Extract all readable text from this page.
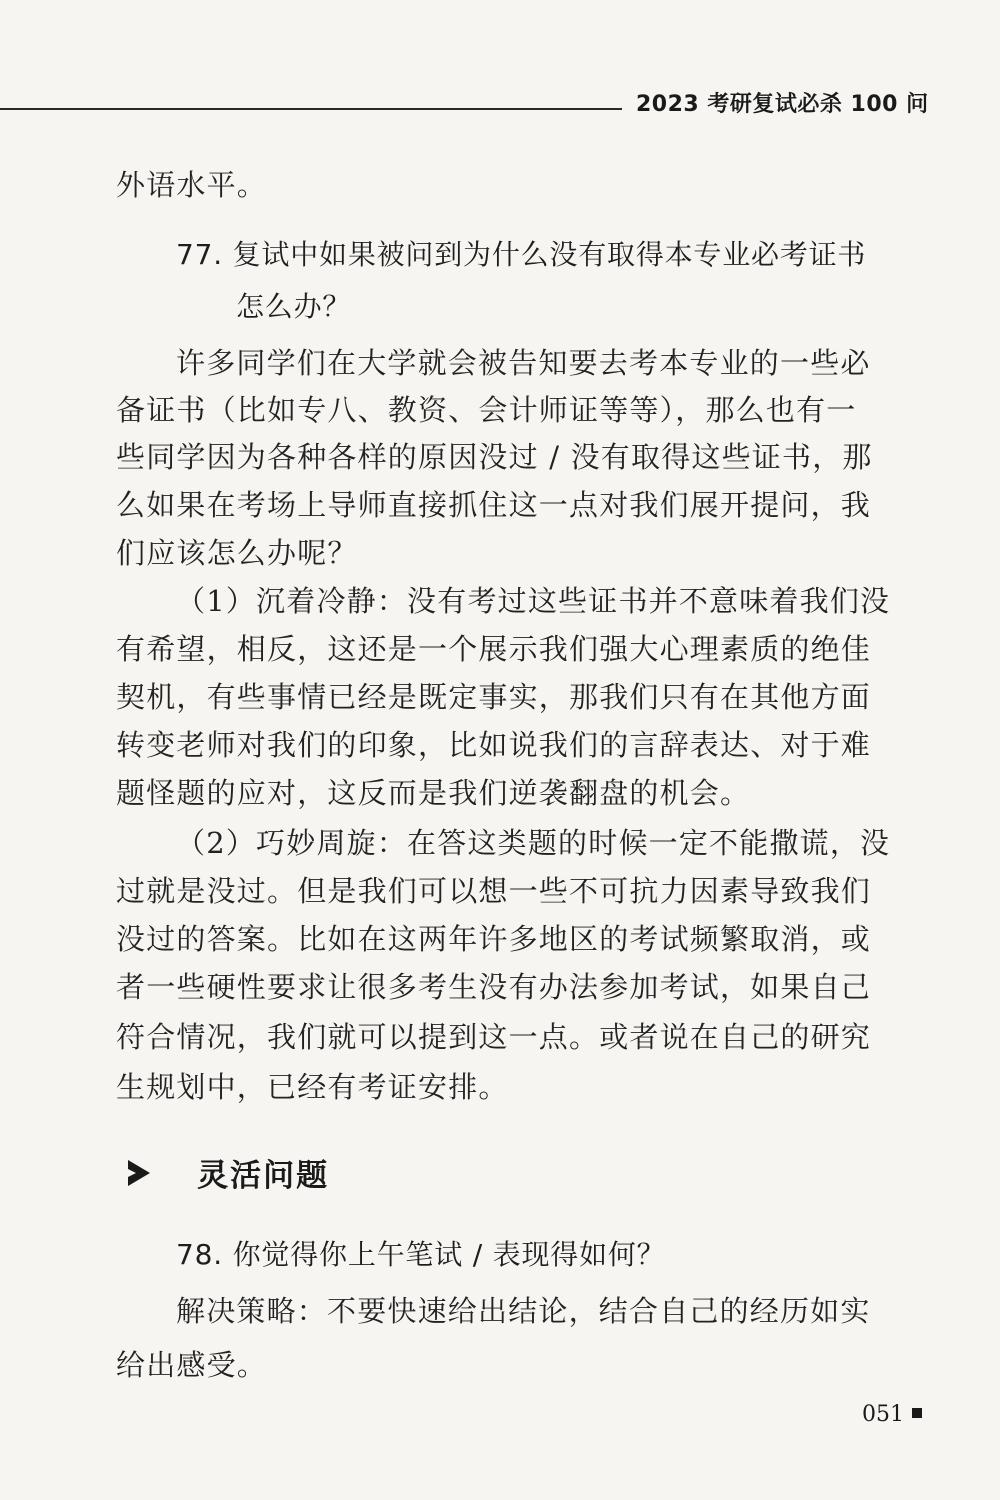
2023 考研复试必杀 100 问
外语水平。
77. 复试中如果被问到为什么没有取得本专业必考证书
怎么办？
许多同学们在大学就会被告知要去考本专业的一些必
备证书（比如专八、教资、会计师证等等），那么也有一
些同学因为各种各样的原因没过 / 没有取得这些证书，那
么如果在考场上导师直接抓住这一点对我们展开提问，我
们应该怎么办呢？
（1）沉着冷静：没有考过这些证书并不意味着我们没
有希望，相反，这还是一个展示我们强大心理素质的绝佳
契机，有些事情已经是既定事实，那我们只有在其他方面
转变老师对我们的印象，比如说我们的言辞表达、对于难
题怪题的应对，这反而是我们逆袭翻盘的机会。
（2）巧妙周旋：在答这类题的时候一定不能撒谎，没
过就是没过。但是我们可以想一些不可抗力因素导致我们
没过的答案。比如在这两年许多地区的考试频繁取消，或
者一些硬性要求让很多考生没有办法参加考试，如果自己
符合情况，我们就可以提到这一点。或者说在自己的研究
生规划中，已经有考证安排。
灵活问题
78. 你觉得你上午笔试 / 表现得如何？
解决策略：不要快速给出结论，结合自己的经历如实
给出感受。
051
